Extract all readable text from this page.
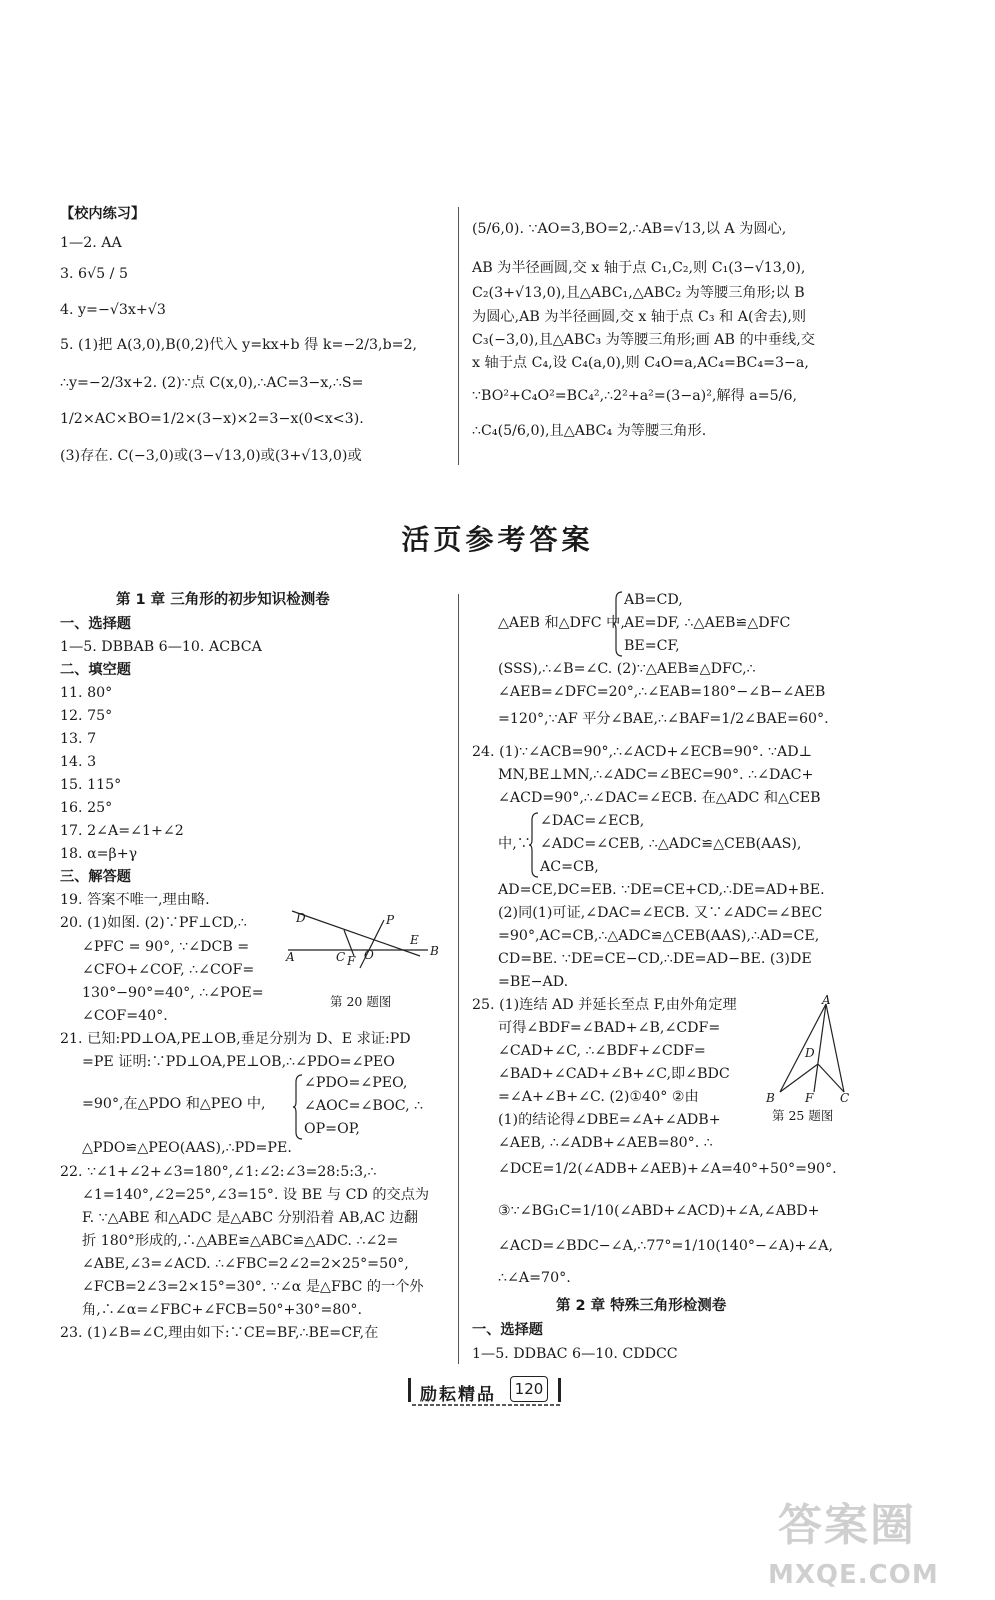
【校内练习】
1—2. AA
3. 6√5 / 5
4. y=−√3x+√3
5. (1)把 A(3,0),B(0,2)代入 y=kx+b 得 k=−2/3,b=2,
∴y=−2/3x+2. (2)∵点 C(x,0),∴AC=3−x,∴S=
1/2×AC×BO=1/2×(3−x)×2=3−x(0<x<3).
(3)存在. C(−3,0)或(3−√13,0)或(3+√13,0)或
(5/6,0). ∵AO=3,BO=2,∴AB=√13,以 A 为圆心,
AB 为半径画圆,交 x 轴于点 C₁,C₂,则 C₁(3−√13,0),
C₂(3+√13,0),且△ABC₁,△ABC₂ 为等腰三角形;以 B
为圆心,AB 为半径画圆,交 x 轴于点 C₃ 和 A(舍去),则
C₃(−3,0),且△ABC₃ 为等腰三角形;画 AB 的中垂线,交
x 轴于点 C₄,设 C₄(a,0),则 C₄O=a,AC₄=BC₄=3−a,
∵BO²+C₄O²=BC₄²,∴2²+a²=(3−a)²,解得 a=5/6,
∴C₄(5/6,0),且△ABC₄ 为等腰三角形.
活页参考答案
第 1 章 三角形的初步知识检测卷
一、选择题
1—5. DBBAB 6—10. ACBCA
二、填空题
11. 80°
12. 75°
13. 7
14. 3
15. 115°
16. 25°
17. 2∠A=∠1+∠2
18. α=β+γ
三、解答题
19. 答案不唯一,理由略.
20. (1)如图. (2)∵PF⊥CD,∴
∠PFC = 90°, ∵∠DCB =
∠CFO+∠COF, ∴∠COF=
130°−90°=40°, ∴∠POE=
∠COF=40°.
21. 已知:PD⊥OA,PE⊥OB,垂足分别为 D、E 求证:PD
=PE 证明:∵PD⊥OA,PE⊥OB,∴∠PDO=∠PEO
=90°,在△PDO 和△PEO 中,
∠PDO=∠PEO,
∠AOC=∠BOC, ∴
OP=OP,
△PDO≌△PEO(AAS),∴PD=PE.
22. ∵∠1+∠2+∠3=180°,∠1:∠2:∠3=28:5:3,∴
∠1=140°,∠2=25°,∠3=15°. 设 BE 与 CD 的交点为
F. ∵△ABE 和△ADC 是△ABC 分别沿着 AB,AC 边翻
折 180°形成的,∴△ABE≌△ABC≌△ADC. ∴∠2=
∠ABE,∠3=∠ACD. ∴∠FBC=2∠2=2×25°=50°,
∠FCB=2∠3=2×15°=30°. ∵∠α 是△FBC 的一个外
角,∴∠α=∠FBC+∠FCB=50°+30°=80°.
23. (1)∠B=∠C,理由如下:∵CE=BF,∴BE=CF,在
D	P
E
A	C F O	B
第 20 题图
AB=CD,
△AEB 和△DFC 中, AE=DF, ∴△AEB≌△DFC
BE=CF,
(SSS),∴∠B=∠C. (2)∵△AEB≌△DFC,∴
∠AEB=∠DFC=20°,∴∠EAB=180°−∠B−∠AEB
=120°,∵AF 平分∠BAE,∴∠BAF=1/2∠BAE=60°.
24. (1)∵∠ACB=90°,∴∠ACD+∠ECB=90°. ∵AD⊥
MN,BE⊥MN,∴∠ADC=∠BEC=90°. ∴∠DAC+
∠ACD=90°,∴∠DAC=∠ECB. 在△ADC 和△CEB
∠DAC=∠ECB,
中,∵ ∠ADC=∠CEB, ∴△ADC≌△CEB(AAS),
AC=CB,
AD=CE,DC=EB. ∵DE=CE+CD,∴DE=AD+BE.
(2)同(1)可证,∠DAC=∠ECB. 又∵∠ADC=∠BEC
=90°,AC=CB,∴△ADC≌△CEB(AAS),∴AD=CE,
CD=BE. ∵DE=CE−CD,∴DE=AD−BE. (3)DE
=BE−AD.
25. (1)连结 AD 并延长至点 F,由外角定理
可得∠BDF=∠BAD+∠B,∠CDF=
∠CAD+∠C, ∴∠BDF+∠CDF=
∠BAD+∠CAD+∠B+∠C,即∠BDC
=∠A+∠B+∠C. (2)①40° ②由
(1)的结论得∠DBE=∠A+∠ADB+
∠AEB, ∴∠ADB+∠AEB=80°. ∴
∠DCE=1/2(∠ADB+∠AEB)+∠A=40°+50°=90°.
③∵∠BG₁C=1/10(∠ABD+∠ACD)+∠A,∠ABD+
∠ACD=∠BDC−∠A,∴77°=1/10(140°−∠A)+∠A,
∴∠A=70°.
第 2 章 特殊三角形检测卷
一、选择题
1—5. DDBAC 6—10. CDDCC
A
D
B	F C
第 25 题图
励耘精品	120
答案圈
MXQE.COM
